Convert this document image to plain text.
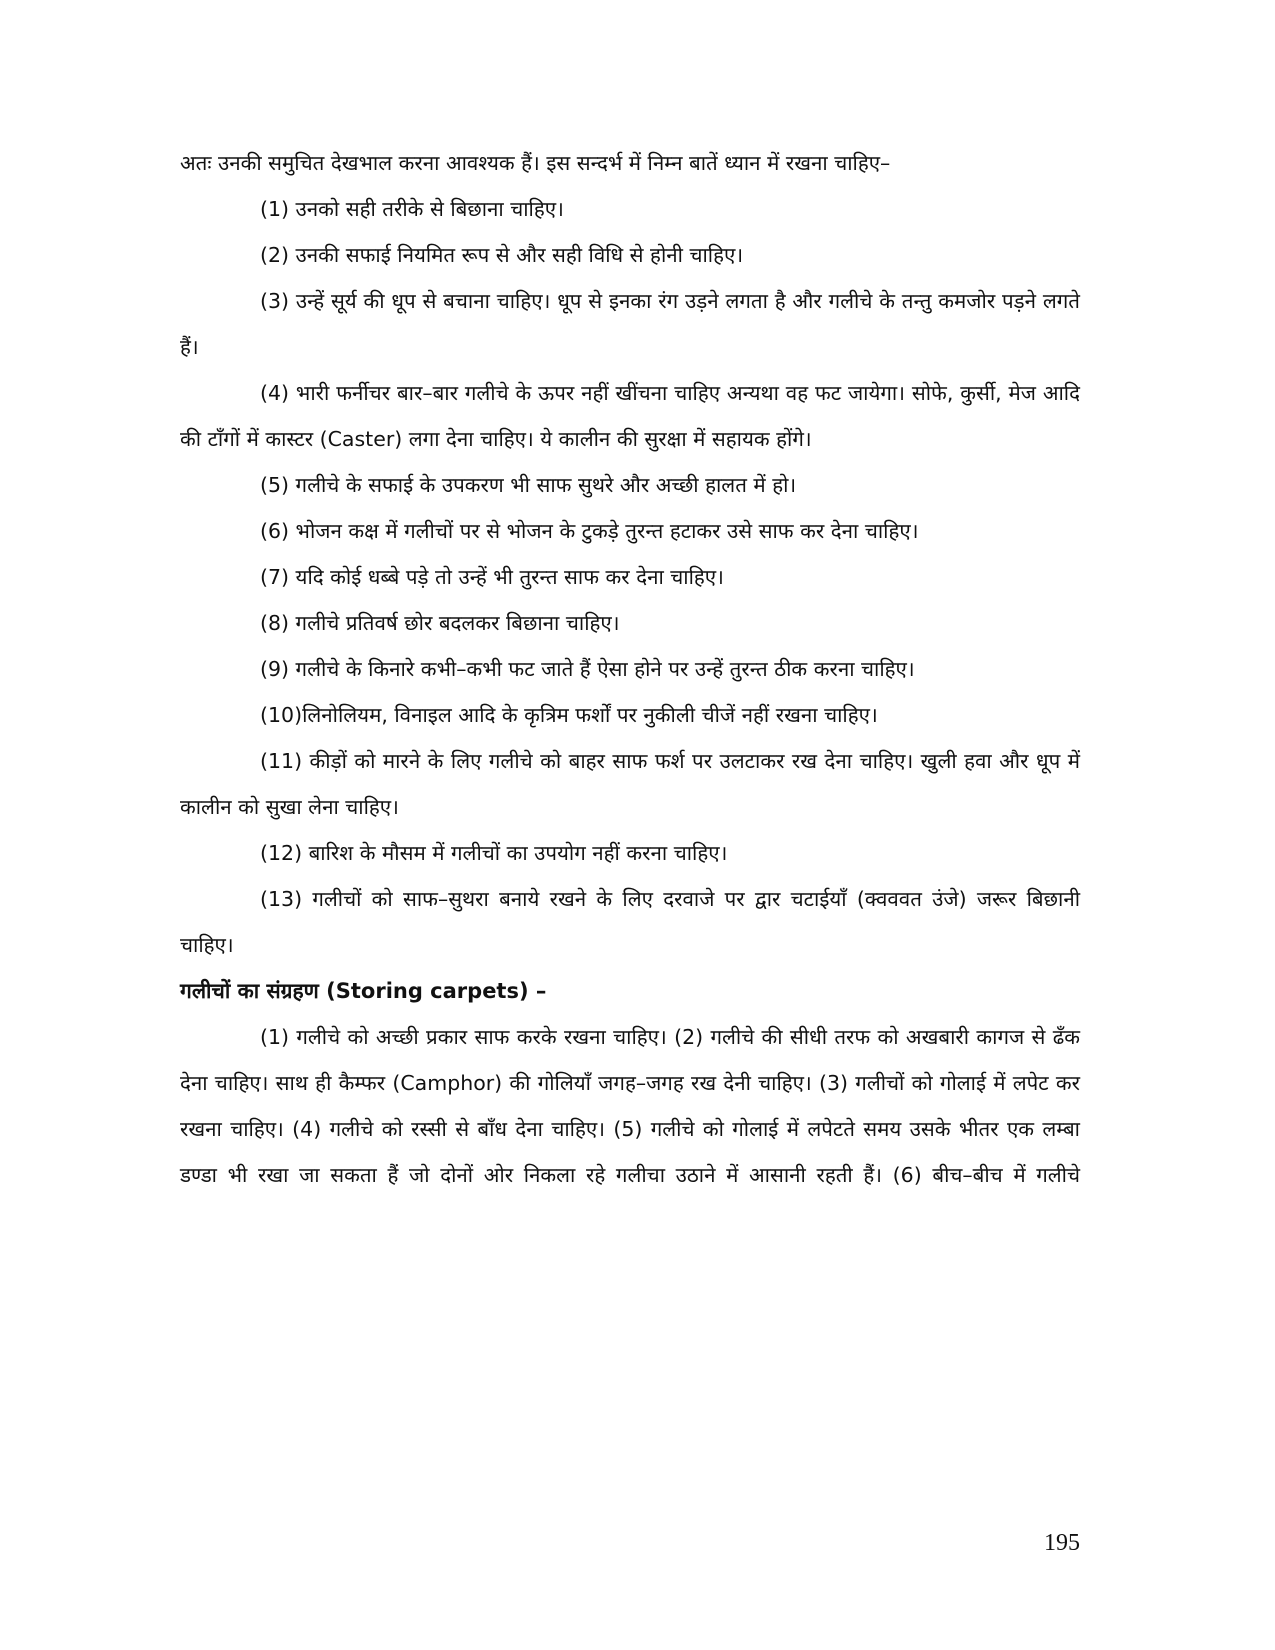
अतः उनकी समुचित देखभाल करना आवश्यक हैं। इस सन्दर्भ में निम्न बातें ध्यान में रखना चाहिए–

(1) उनको सही तरीके से बिछाना चाहिए।

(2) उनकी सफाई नियमित रूप से और सही विधि से होनी चाहिए।

(3) उन्हें सूर्य की धूप से बचाना चाहिए। धूप से इनका रंग उड़ने लगता है और गलीचे के तन्तु कमजोर पड़ने लगते हैं।

(4) भारी फर्नीचर बार–बार गलीचे के ऊपर नहीं खींचना चाहिए अन्यथा वह फट जायेगा। सोफे, कुर्सी, मेज आदि की टाँगों में कास्टर (Caster) लगा देना चाहिए। ये कालीन की सुरक्षा में सहायक होंगे।

(5) गलीचे के सफाई के उपकरण भी साफ सुथरे और अच्छी हालत में हो।

(6) भोजन कक्ष में गलीचों पर से भोजन के टुकड़े तुरन्त हटाकर उसे साफ कर देना चाहिए।

(7) यदि कोई धब्बे पड़े तो उन्हें भी तुरन्त साफ कर देना चाहिए।

(8) गलीचे प्रतिवर्ष छोर बदलकर बिछाना चाहिए।

(9) गलीचे के किनारे कभी–कभी फट जाते हैं ऐसा होने पर उन्हें तुरन्त ठीक करना चाहिए।

(10)लिनोलियम, विनाइल आदि के कृत्रिम फर्शों पर नुकीली चीजें नहीं रखना चाहिए।

(11) कीड़ों को मारने के लिए गलीचे को बाहर साफ फर्श पर उलटाकर रख देना चाहिए। खुली हवा और धूप में कालीन को सुखा लेना चाहिए।

(12) बारिश के मौसम में गलीचों का उपयोग नहीं करना चाहिए।

(13) गलीचों को साफ–सुथरा बनाये रखने के लिए दरवाजे पर द्वार चटाईयाँ (क्वववत उंजे) जरूर बिछानी चाहिए।

गलीचों का संग्रहण (Storing carpets) –

(1) गलीचे को अच्छी प्रकार साफ करके रखना चाहिए। (2) गलीचे की सीधी तरफ को अखबारी कागज से ढँक देना चाहिए। साथ ही कैम्फर (Camphor) की गोलियाँ जगह–जगह रख देनी चाहिए। (3) गलीचों को गोलाई में लपेट कर रखना चाहिए। (4) गलीचे को रस्सी से बाँध देना चाहिए। (5) गलीचे को गोलाई में लपेटते समय उसके भीतर एक लम्बा डण्डा भी रखा जा सकता हैं जो दोनों ओर निकला रहे गलीचा उठाने में आसानी रहती हैं। (6) बीच–बीच में गलीचे

195
